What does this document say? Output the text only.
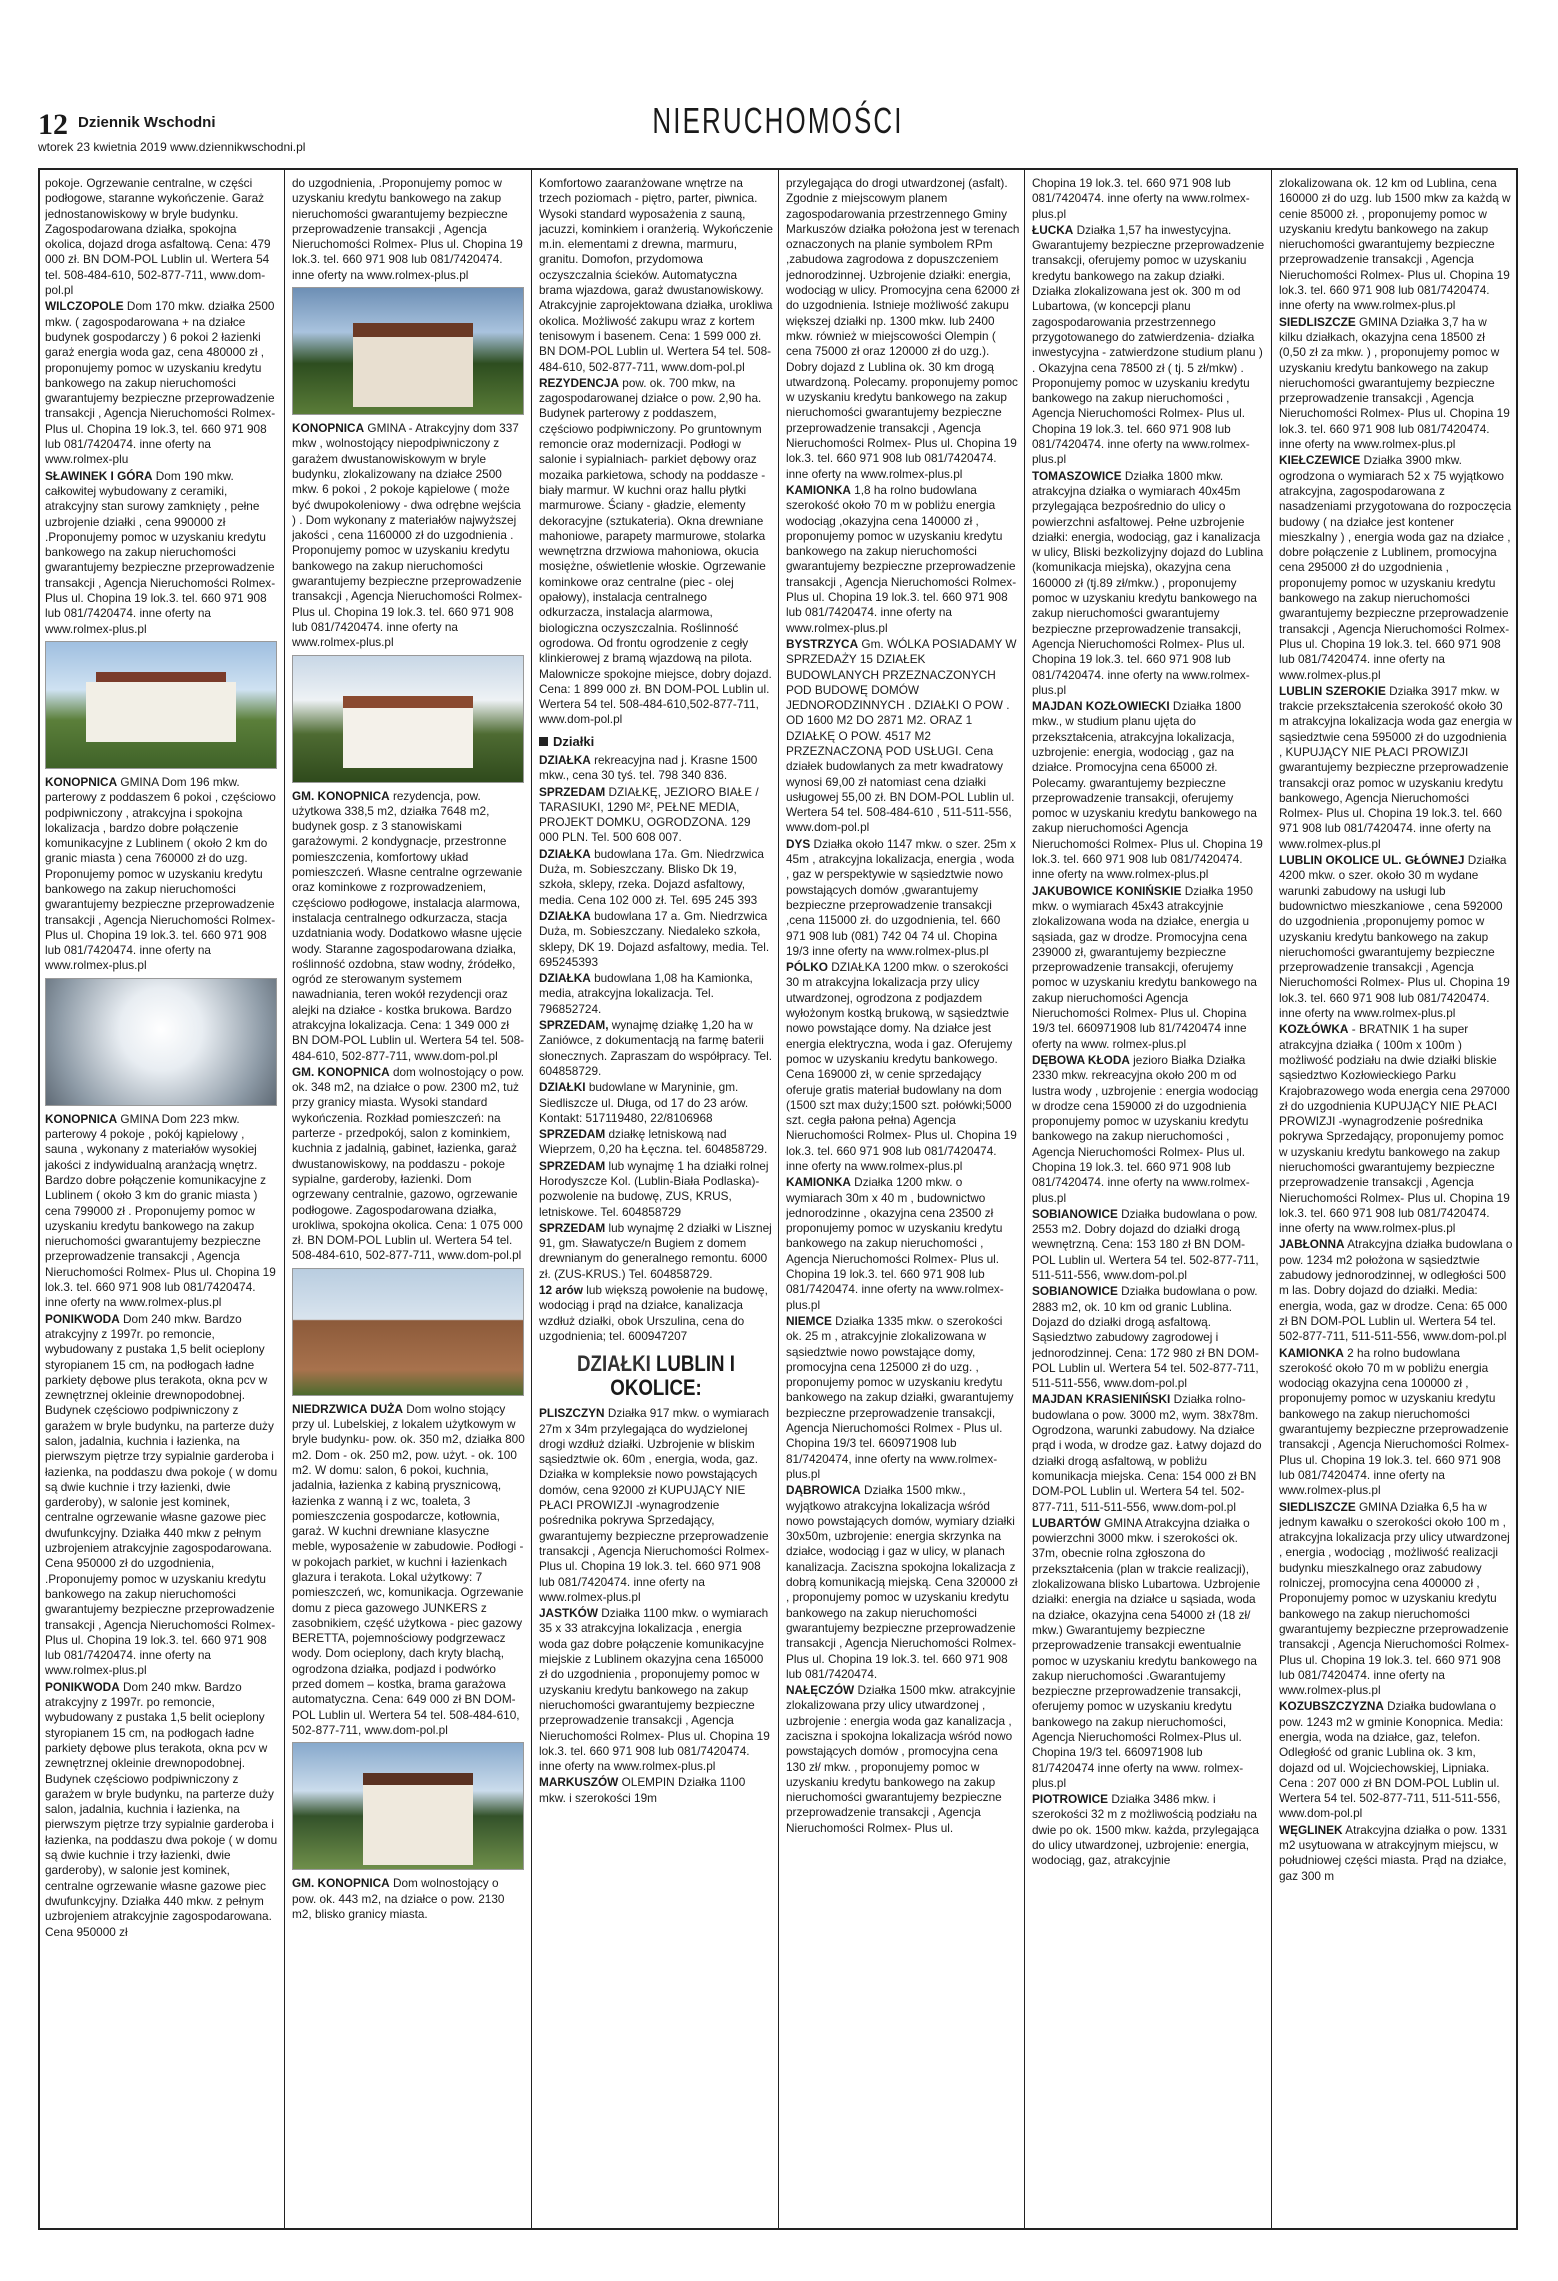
NIERUCHOMOŚCI
12 Dziennik Wschodni
wtorek 23 kwietnia 2019 www.dziennikwschodni.pl

pokoje. Ogrzewanie centralne, w części podłogowe, staranne wykończenie. Garaż jednostanowiskowy w bryle budynku. Zagospodarowana działka, spokojna okolica, dojazd droga asfaltową. Cena: 479 000 zł. BN DOM-POL Lublin ul. Wertera 54 tel. 508-484-610, 502-877-711, www.dom-pol.pl

WILCZOPOLE Dom 170 mkw. działka 2500 mkw. ( zagospodarowana + na działce budynek gospodarczy ) 6 pokoi 2 łazienki garaż energia woda gaz, cena 480000 zł , proponujemy pomoc w uzyskaniu kredytu bankowego na zakup nieruchomości gwarantujemy bezpieczne przeprowadzenie transakcji , Agencja Nieruchomości Rolmex- Plus ul. Chopina 19 lok.3, tel. 660 971 908 lub 081/7420474. inne oferty na www.rolmex-plu

SŁAWINEK I GÓRA Dom 190 mkw. całkowitej wybudowany z ceramiki, atrakcyjny stan surowy zamknięty , pełne uzbrojenie działki , cena 990000 zł .Proponujemy pomoc w uzyskaniu kredytu bankowego na zakup nieruchomości gwarantujemy bezpieczne przeprowadzenie transakcji , Agencja Nieruchomości Rolmex- Plus ul. Chopina 19 lok.3. tel. 660 971 908 lub 081/7420474. inne oferty na www.rolmex-plus.pl

KONOPNICA GMINA Dom 196 mkw. parterowy z poddaszem 6 pokoi , częściowo podpiwniczony , atrakcyjna i spokojna lokalizacja , bardzo dobre połączenie komunikacyjne z Lublinem ( około 2 km do granic miasta ) cena 760000 zł do uzg. Proponujemy pomoc w uzyskaniu kredytu bankowego na zakup nieruchomości gwarantujemy bezpieczne przeprowadzenie transakcji , Agencja Nieruchomości Rolmex- Plus ul. Chopina 19 lok.3. tel. 660 971 908 lub 081/7420474. inne oferty na www.rolmex-plus.pl

KONOPNICA GMINA Dom 223 mkw. parterowy 4 pokoje , pokój kąpielowy , sauna , wykonany z materiałów wysokiej jakości z indywidualną aranżacją wnętrz. Bardzo dobre połączenie komunikacyjne z Lublinem ( około 3 km do granic miasta ) cena 799000 zł . Proponujemy pomoc w uzyskaniu kredytu bankowego na zakup nieruchomości gwarantujemy bezpieczne przeprowadzenie transakcji , Agencja Nieruchomości Rolmex- Plus ul. Chopina 19 lok.3. tel. 660 971 908 lub 081/7420474. inne oferty na www.rolmex-plus.pl

PONIKWODA Dom 240 mkw. Bardzo atrakcyjny z 1997r. po remoncie, wybudowany z pustaka 1,5 belit ocieplony styropianem 15 cm, na podłogach ładne parkiety dębowe plus terakota, okna pcv w zewnętrznej okleinie drewnopodobnej. Budynek częściowo podpiwniczony z garażem w bryle budynku, na parterze duży salon, jadalnia, kuchnia i łazienka, na pierwszym piętrze trzy sypialnie garderoba i łazienka, na poddaszu dwa pokoje ( w domu są dwie kuchnie i trzy łazienki, dwie garderoby), w salonie jest kominek, centralne ogrzewanie własne gazowe piec dwufunkcyjny. Działka 440 mkw z pełnym uzbrojeniem atrakcyjnie zagospodarowana. Cena 950000 zł do uzgodnienia, .Proponujemy pomoc w uzyskaniu kredytu bankowego na zakup nieruchomości gwarantujemy bezpieczne przeprowadzenie transakcji , Agencja Nieruchomości Rolmex- Plus ul. Chopina 19 lok.3. tel. 660 971 908 lub 081/7420474. inne oferty na www.rolmex-plus.pl

PONIKWODA Dom 240 mkw. Bardzo atrakcyjny z 1997r. po remoncie, wybudowany z pustaka 1,5 belit ocieplony styropianem 15 cm, na podłogach ładne parkiety dębowe plus terakota, okna pcv w zewnętrznej okleinie drewnopodobnej. Budynek częściowo podpiwniczony z garażem w bryle budynku, na parterze duży salon, jadalnia, kuchnia i łazienka, na pierwszym piętrze trzy sypialnie garderoba i łazienka, na poddaszu dwa pokoje ( w domu są dwie kuchnie i trzy łazienki, dwie garderoby), w salonie jest kominek, centralne ogrzewanie własne gazowe piec dwufunkcyjny. Działka 440 mkw. z pełnym uzbrojeniem atrakcyjnie zagospodarowana. Cena 950000 zł

do uzgodnienia, .Proponujemy pomoc w uzyskaniu kredytu bankowego na zakup nieruchomości gwarantujemy bezpieczne przeprowadzenie transakcji , Agencja Nieruchomości Rolmex- Plus ul. Chopina 19 lok.3. tel. 660 971 908 lub 081/7420474. inne oferty na www.rolmex-plus.pl

KONOPNICA GMINA - Atrakcyjny dom 337 mkw , wolnostojący niepodpiwniczony z garażem dwustanowiskowym w bryle budynku, zlokalizowany na działce 2500 mkw. 6 pokoi , 2 pokoje kąpielowe ( może być dwupokoleniowy - dwa odrębne wejścia ) . Dom wykonany z materiałów najwyższej jakości , cena 1160000 zł do uzgodnienia . Proponujemy pomoc w uzyskaniu kredytu bankowego na zakup nieruchomości gwarantujemy bezpieczne przeprowadzenie transakcji , Agencja Nieruchomości Rolmex- Plus ul. Chopina 19 lok.3. tel. 660 971 908 lub 081/7420474. inne oferty na www.rolmex-plus.pl

GM. KONOPNICA rezydencja, pow. użytkowa 338,5 m2, działka 7648 m2, budynek gosp. z 3 stanowiskami garażowymi. 2 kondygnacje, przestronne pomieszczenia, komfortowy układ pomieszczeń. Własne centralne ogrzewanie oraz kominkowe z rozprowadzeniem, częściowo podłogowe, instalacja alarmowa, instalacja centralnego odkurzacza, stacja uzdatniania wody. Dodatkowo własne ujęcie wody. Staranne zagospodarowana działka, roślinność ozdobna, staw wodny, źródełko, ogród ze sterowanym systemem nawadniania, teren wokół rezydencji oraz alejki na działce - kostka brukowa. Bardzo atrakcyjna lokalizacja. Cena: 1 349 000 zł BN DOM-POL Lublin ul. Wertera 54 tel. 508-484-610, 502-877-711, www.dom-pol.pl

GM. KONOPNICA dom wolnostojący o pow. ok. 348 m2, na działce o pow. 2300 m2, tuż przy granicy miasta. Wysoki standard wykończenia. Rozkład pomieszczeń: na parterze - przedpokój, salon z kominkiem, kuchnia z jadalnią, gabinet, łazienka, garaż dwustanowiskowy, na poddaszu - pokoje sypialne, garderoby, łazienki. Dom ogrzewany centralnie, gazowo, ogrzewanie podłogowe. Zagospodarowana działka, urokliwa, spokojna okolica. Cena: 1 075 000 zł. BN DOM-POL Lublin ul. Wertera 54 tel. 508-484-610, 502-877-711, www.dom-pol.pl

NIEDRZWICA DUŻA Dom wolno stojący przy ul. Lubelskiej, z lokalem użytkowym w bryle budynku- pow. ok. 350 m2, działka 800 m2. Dom - ok. 250 m2, pow. użyt. - ok. 100 m2. W domu: salon, 6 pokoi, kuchnia, jadalnia, łazienka z kabiną prysznicową, łazienka z wanną i z wc, toaleta, 3 pomieszczenia gospodarcze, kotłownia, garaż. W kuchni drewniane klasyczne meble, wyposażenie w zabudowie. Podłogi - w pokojach parkiet, w kuchni i łazienkach glazura i terakota. Lokal użytkowy: 7 pomieszczeń, wc, komunikacja. Ogrzewanie domu z pieca gazowego JUNKERS z zasobnikiem, część użytkowa - piec gazowy BERETTA, pojemnościowy podgrzewacz wody. Dom ocieplony, dach kryty blachą, ogrodzona działka, podjazd i podwórko przed domem – kostka, brama garażowa automatyczna. Cena: 649 000 zł BN DOM-POL Lublin ul. Wertera 54 tel. 508-484-610, 502-877-711, www.dom-pol.pl

GM. KONOPNICA Dom wolnostojący o pow. ok. 443 m2, na działce o pow. 2130 m2, blisko granicy miasta.

Komfortowo zaaranżowane wnętrze na trzech poziomach - piętro, parter, piwnica. Wysoki standard wyposażenia z sauną, jacuzzi, kominkiem i oranżerią. Wykończenie m.in. elementami z drewna, marmuru, granitu. Domofon, przydomowa oczyszczalnia ścieków. Automatyczna brama wjazdowa, garaż dwustanowiskowy. Atrakcyjnie zaprojektowana działka, urokliwa okolica. Możliwość zakupu wraz z kortem tenisowym i basenem. Cena: 1 599 000 zł. BN DOM-POL Lublin ul. Wertera 54 tel. 508-484-610, 502-877-711, www.dom-pol.pl

REZYDENCJA pow. ok. 700 mkw, na zagospodarowanej działce o pow. 2,90 ha. Budynek parterowy z poddaszem, częściowo podpiwniczony. Po gruntownym remoncie oraz modernizacji. Podłogi w salonie i sypialniach- parkiet dębowy oraz mozaika parkietowa, schody na poddasze - biały marmur. W kuchni oraz hallu płytki marmurowe. Ściany - gładzie, elementy dekoracyjne (sztukateria). Okna drewniane mahoniowe, parapety marmurowe, stolarka wewnętrzna drzwiowa mahoniowa, okucia mosiężne, oświetlenie włoskie. Ogrzewanie kominkowe oraz centralne (piec - olej opałowy), instalacja centralnego odkurzacza, instalacja alarmowa, biologiczna oczyszczalnia. Roślinność ogrodowa. Od frontu ogrodzenie z cegły klinkierowej z bramą wjazdową na pilota. Malownicze spokojne miejsce, dobry dojazd. Cena: 1 899 000 zł. BN DOM-POL Lublin ul. Wertera 54 tel. 508-484-610,502-877-711, www.dom-pol.pl

Działki

DZIAŁKA rekreacyjna nad j. Krasne 1500 mkw., cena 30 tyś. tel. 798 340 836.

SPRZEDAM DZIAŁKĘ, JEZIORO BIAŁE / TARASIUKI, 1290 M², PEŁNE MEDIA, PROJEKT DOMKU, OGRODZONA. 129 000 PLN. Tel. 500 608 007.

DZIAŁKA budowlana 17a. Gm. Niedrzwica Duża, m. Sobieszczany. Blisko Dk 19, szkoła, sklepy, rzeka. Dojazd asfaltowy, media. Cena 102 000 zł. Tel. 695 245 393

DZIAŁKA budowlana 17 a. Gm. Niedrzwica Duża, m. Sobieszczany. Niedaleko szkoła, sklepy, DK 19. Dojazd asfaltowy, media. Tel. 695245393

DZIAŁKA budowlana 1,08 ha Kamionka, media, atrakcyjna lokalizacja. Tel. 796852724.

SPRZEDAM, wynajmę działkę 1,20 ha w Zaniówce, z dokumentacją na farmę baterii słonecznych. Zapraszam do współpracy. Tel. 604858729.

DZIAŁKI budowlane w Maryninie, gm. Siedliszcze ul. Długa, od 17 do 23 arów. Kontakt: 517119480, 22/8106968

SPRZEDAM działkę letniskową nad Wieprzem, 0,20 ha Łęczna. tel. 604858729.

SPRZEDAM lub wynajmę 1 ha działki rolnej Horodyszcze Kol. (Lublin-Biała Podlaska)-pozwolenie na budowę, ZUS, KRUS, letniskowe. Tel. 604858729

SPRZEDAM lub wynajmę 2 działki w Lisznej 91, gm. Sławatycze/n Bugiem z domem drewnianym do generalnego remontu. 6000 zł. (ZUS-KRUS.) Tel. 604858729.

12 arów lub większą powołenie na budowę, wodociąg i prąd na działce, kanalizacja wzdłuż działki, obok Urszulina, cena do uzgodnienia; tel. 600947207

DZIAŁKI LUBLIN I OKOLICE:

PLISZCZYN Działka 917 mkw. o wymiarach 27m x 34m przylegająca do wydzielonej drogi wzdłuż działki. Uzbrojenie w bliskim sąsiedztwie ok. 60m , energia, woda, gaz. Działka w kompleksie nowo powstających domów, cena 92000 zł KUPUJĄCY NIE PŁACI PROWIZJI -wynagrodzenie pośrednika pokrywa Sprzedający, gwarantujemy bezpieczne przeprowadzenie transakcji , Agencja Nieruchomości Rolmex- Plus ul. Chopina 19 lok.3. tel. 660 971 908 lub 081/7420474. inne oferty na www.rolmex-plus.pl

JASTKÓW Działka 1100 mkw. o wymiarach 35 x 33 atrakcyjna lokalizacja , energia woda gaz dobre połączenie komunikacyjne miejskie z Lublinem okazyjna cena 165000 zł do uzgodnienia , proponujemy pomoc w uzyskaniu kredytu bankowego na zakup nieruchomości gwarantujemy bezpieczne przeprowadzenie transakcji , Agencja Nieruchomości Rolmex- Plus ul. Chopina 19 lok.3. tel. 660 971 908 lub 081/7420474. inne oferty na www.rolmex-plus.pl

MARKUSZÓW OLEMPIN Działka 1100 mkw. i szerokości 19m

przylegająca do drogi utwardzonej (asfalt). Zgodnie z miejscowym planem zagospodarowania przestrzennego Gminy Markuszów działka położona jest w terenach oznaczonych na planie symbolem RPm ,zabudowa zagrodowa z dopuszczeniem jednorodzinnej. Uzbrojenie działki: energia, wodociąg w ulicy. Promocyjna cena 62000 zł do uzgodnienia. Istnieje możliwość zakupu większej działki np. 1300 mkw. lub 2400 mkw. również w miejscowości Olempin ( cena 75000 zł oraz 120000 zł do uzg.). Dobry dojazd z Lublina ok. 30 km drogą utwardzoną. Polecamy. proponujemy pomoc w uzyskaniu kredytu bankowego na zakup nieruchomości gwarantujemy bezpieczne przeprowadzenie transakcji , Agencja Nieruchomości Rolmex- Plus ul. Chopina 19 lok.3. tel. 660 971 908 lub 081/7420474. inne oferty na www.rolmex-plus.pl

KAMIONKA 1,8 ha rolno budowlana szerokość około 70 m w pobliżu energia wodociąg ,okazyjna cena 140000 zł , proponujemy pomoc w uzyskaniu kredytu bankowego na zakup nieruchomości gwarantujemy bezpieczne przeprowadzenie transakcji , Agencja Nieruchomości Rolmex- Plus ul. Chopina 19 lok.3. tel. 660 971 908 lub 081/7420474. inne oferty na www.rolmex-plus.pl

BYSTRZYCA Gm. WÓLKA POSIADAMY W SPRZEDAŻY 15 DZIAŁEK BUDOWLANYCH PRZEZNACZONYCH POD BUDOWĘ DOMÓW JEDNORODZINNYCH . DZIAŁKI O POW . OD 1600 M2 DO 2871 M2. ORAZ 1 DZIAŁKĘ O POW. 4517 M2 PRZEZNACZONĄ POD USŁUGI. Cena działek budowlanych za metr kwadratowy wynosi 69,00 zł natomiast cena działki usługowej 55,00 zł. BN DOM-POL Lublin ul. Wertera 54 tel. 508-484-610 , 511-511-556, www.dom-pol.pl

DYS Działka około 1147 mkw. o szer. 25m x 45m , atrakcyjna lokalizacja, energia , woda , gaz w perspektywie w sąsiedztwie nowo powstających domów ,gwarantujemy bezpieczne przeprowadzenie transakcji ,cena 115000 zł. do uzgodnienia, tel. 660 971 908 lub (081) 742 04 74 ul. Chopina 19/3 inne oferty na www.rolmex-plus.pl

PÓLKO DZIAŁKA 1200 mkw. o szerokości 30 m atrakcyjna lokalizacja przy ulicy utwardzonej, ogrodzona z podjazdem wyłożonym kostką brukową, w sąsiedztwie nowo powstające domy. Na działce jest energia elektryczna, woda i gaz. Oferujemy pomoc w uzyskaniu kredytu bankowego. Cena 169000 zł, w cenie sprzedający oferuje gratis materiał budowlany na dom (1500 szt max duży;1500 szt. połówki;5000 szt. cegła pałona pełna) Agencja Nieruchomości Rolmex- Plus ul. Chopina 19 lok.3. tel. 660 971 908 lub 081/7420474. inne oferty na www.rolmex-plus.pl

KAMIONKA Działka 1200 mkw. o wymiarach 30m x 40 m , budownictwo jednorodzinne , okazyjna cena 23500 zł proponujemy pomoc w uzyskaniu kredytu bankowego na zakup nieruchomości , Agencja Nieruchomości Rolmex- Plus ul. Chopina 19 lok.3. tel. 660 971 908 lub 081/7420474. inne oferty na www.rolmex-plus.pl

NIEMCE Działka 1335 mkw. o szerokości ok. 25 m , atrakcyjnie zlokalizowana w sąsiedztwie nowo powstające domy, promocyjna cena 125000 zł do uzg. , proponujemy pomoc w uzyskaniu kredytu bankowego na zakup działki, gwarantujemy bezpieczne przeprowadzenie transakcji, Agencja Nieruchomości Rolmex - Plus ul. Chopina 19/3 tel. 660971908 lub 81/7420474, inne oferty na www.rolmex-plus.pl

DĄBROWICA Działka 1500 mkw., wyjątkowo atrakcyjna lokalizacja wśród nowo powstających domów, wymiary działki 30x50m, uzbrojenie: energia skrzynka na działce, wodociąg i gaz w ulicy, w planach kanalizacja. Zaciszna spokojna lokalizacja z dobrą komunikacją miejską. Cena 320000 zł , proponujemy pomoc w uzyskaniu kredytu bankowego na zakup nieruchomości gwarantujemy bezpieczne przeprowadzenie transakcji , Agencja Nieruchomości Rolmex- Plus ul. Chopina 19 lok.3. tel. 660 971 908 lub 081/7420474.

NAŁĘCZÓW Działka 1500 mkw. atrakcyjnie zlokalizowana przy ulicy utwardzonej , uzbrojenie : energia woda gaz kanalizacja , zaciszna i spokojna lokalizacja wśród nowo powstających domów , promocyjna cena 130 zł/ mkw. , proponujemy pomoc w uzyskaniu kredytu bankowego na zakup nieruchomości gwarantujemy bezpieczne przeprowadzenie transakcji , Agencja Nieruchomości Rolmex- Plus ul.

Chopina 19 lok.3. tel. 660 971 908 lub 081/7420474. inne oferty na www.rolmex-plus.pl

ŁUCKA Działka 1,57 ha inwestycyjna. Gwarantujemy bezpieczne przeprowadzenie transakcji, oferujemy pomoc w uzyskaniu kredytu bankowego na zakup działki. Działka zlokalizowana jest ok. 300 m od Lubartowa, (w koncepcji planu zagospodarowania przestrzennego przygotowanego do zatwierdzenia- działka inwestycyjna - zatwierdzone studium planu ) . Okazyjna cena 78500 zł ( tj. 5 zł/mkw) . Proponujemy pomoc w uzyskaniu kredytu bankowego na zakup nieruchomości , Agencja Nieruchomości Rolmex- Plus ul. Chopina 19 lok.3. tel. 660 971 908 lub 081/7420474. inne oferty na www.rolmex-plus.pl

TOMASZOWICE Działka 1800 mkw. atrakcyjna działka o wymiarach 40x45m przylegająca bezpośrednio do ulicy o powierzchni asfaltowej. Pełne uzbrojenie działki: energia, wodociąg, gaz i kanalizacja w ulicy, Bliski bezkolizyjny dojazd do Lublina (komunikacja miejska), okazyjna cena 160000 zł (tj.89 zł/mkw.) , proponujemy pomoc w uzyskaniu kredytu bankowego na zakup nieruchomości gwarantujemy bezpieczne przeprowadzenie transakcji, Agencja Nieruchomości Rolmex- Plus ul. Chopina 19 lok.3. tel. 660 971 908 lub 081/7420474. inne oferty na www.rolmex-plus.pl

MAJDAN KOZŁOWIECKI Działka 1800 mkw., w studium planu ujęta do przekształcenia, atrakcyjna lokalizacja, uzbrojenie: energia, wodociąg , gaz na działce. Promocyjna cena 65000 zł. Polecamy. gwarantujemy bezpieczne przeprowadzenie transakcji, oferujemy pomoc w uzyskaniu kredytu bankowego na zakup nieruchomości Agencja Nieruchomości Rolmex- Plus ul. Chopina 19 lok.3. tel. 660 971 908 lub 081/7420474. inne oferty na www.rolmex-plus.pl

JAKUBOWICE KONIŃSKIE Działka 1950 mkw. o wymiarach 45x43 atrakcyjnie zlokalizowana woda na działce, energia u sąsiada, gaz w drodze. Promocyjna cena 239000 zł, gwarantujemy bezpieczne przeprowadzenie transakcji, oferujemy pomoc w uzyskaniu kredytu bankowego na zakup nieruchomości Agencja Nieruchomości Rolmex- Plus ul. Chopina 19/3 tel. 660971908 lub 81/7420474 inne oferty na www. rolmex-plus.pl

DĘBOWA KŁODA jezioro Białka Działka 2330 mkw. rekreacyjna około 200 m od lustra wody , uzbrojenie : energia wodociąg w drodze cena 159000 zł do uzgodnienia proponujemy pomoc w uzyskaniu kredytu bankowego na zakup nieruchomości , Agencja Nieruchomości Rolmex- Plus ul. Chopina 19 lok.3. tel. 660 971 908 lub 081/7420474. inne oferty na www.rolmex-plus.pl

SOBIANOWICE Działka budowlana o pow. 2553 m2. Dobry dojazd do działki drogą wewnętrzną. Cena: 153 180 zł BN DOM-POL Lublin ul. Wertera 54 tel. 502-877-711, 511-511-556, www.dom-pol.pl

SOBIANOWICE Działka budowlana o pow. 2883 m2, ok. 10 km od granic Lublina. Dojazd do działki drogą asfaltową. Sąsiedztwo zabudowy zagrodowej i jednorodzinnej. Cena: 172 980 zł BN DOM-POL Lublin ul. Wertera 54 tel. 502-877-711, 511-511-556, www.dom-pol.pl

MAJDAN KRASIENIŃSKI Działka rolno-budowlana o pow. 3000 m2, wym. 38x78m. Ogrodzona, warunki zabudowy. Na działce prąd i woda, w drodze gaz. Łatwy dojazd do działki drogą asfaltową, w pobliżu komunikacja miejska. Cena: 154 000 zł BN DOM-POL Lublin ul. Wertera 54 tel. 502-877-711, 511-511-556, www.dom-pol.pl

LUBARTÓW GMINA Atrakcyjna działka o powierzchni 3000 mkw. i szerokości ok. 37m, obecnie rolna zgłoszona do przekształcenia (plan w trakcie realizacji), zlokalizowana blisko Lubartowa. Uzbrojenie działki: energia na działce u sąsiada, woda na działce, okazyjna cena 54000 zł (18 zł/ mkw.) Gwarantujemy bezpieczne przeprowadzenie transakcji ewentualnie pomoc w uzyskaniu kredytu bankowego na zakup nieruchomości .Gwarantujemy bezpieczne przeprowadzenie transakcji, oferujemy pomoc w uzyskaniu kredytu bankowego na zakup nieruchomości, Agencja Nieruchomości Rolmex-Plus ul. Chopina 19/3 tel. 660971908 lub 81/7420474 inne oferty na www. rolmex-plus.pl

PIOTROWICE Działka 3486 mkw. i szerokości 32 m z możliwością podziału na dwie po ok. 1500 mkw. każda, przylegająca do ulicy utwardzonej, uzbrojenie: energia, wodociąg, gaz, atrakcyjnie

zlokalizowana ok. 12 km od Lublina, cena 160000 zł do uzg. lub 1500 mkw za każdą w cenie 85000 zł. , proponujemy pomoc w uzyskaniu kredytu bankowego na zakup nieruchomości gwarantujemy bezpieczne przeprowadzenie transakcji , Agencja Nieruchomości Rolmex- Plus ul. Chopina 19 lok.3. tel. 660 971 908 lub 081/7420474. inne oferty na www.rolmex-plus.pl

SIEDLISZCZE GMINA Działka 3,7 ha w kilku działkach, okazyjna cena 18500 zł (0,50 zł za mkw. ) , proponujemy pomoc w uzyskaniu kredytu bankowego na zakup nieruchomości gwarantujemy bezpieczne przeprowadzenie transakcji , Agencja Nieruchomości Rolmex- Plus ul. Chopina 19 lok.3. tel. 660 971 908 lub 081/7420474. inne oferty na www.rolmex-plus.pl

KIEŁCZEWICE Działka 3900 mkw. ogrodzona o wymiarach 52 x 75 wyjątkowo atrakcyjna, zagospodarowana z nasadzeniami przygotowana do rozpoczęcia budowy ( na działce jest kontener mieszkalny ) , energia woda gaz na działce , dobre połączenie z Lublinem, promocyjna cena 295000 zł do uzgodnienia , proponujemy pomoc w uzyskaniu kredytu bankowego na zakup nieruchomości gwarantujemy bezpieczne przeprowadzenie transakcji , Agencja Nieruchomości Rolmex- Plus ul. Chopina 19 lok.3. tel. 660 971 908 lub 081/7420474. inne oferty na www.rolmex-plus.pl

LUBLIN SZEROKIE Działka 3917 mkw. w trakcie przekształcenia szerokość około 30 m atrakcyjna lokalizacja woda gaz energia w sąsiedztwie cena 595000 zł do uzgodnienia , KUPUJĄCY NIE PŁACI PROWIZJI gwarantujemy bezpieczne przeprowadzenie transakcji oraz pomoc w uzyskaniu kredytu bankowego, Agencja Nieruchomości Rolmex- Plus ul. Chopina 19 lok.3. tel. 660 971 908 lub 081/7420474. inne oferty na www.rolmex-plus.pl

LUBLIN OKOLICE UL. GŁÓWNEJ Działka 4200 mkw. o szer. około 30 m wydane warunki zabudowy na usługi lub budownictwo mieszkaniowe , cena 592000 do uzgodnienia ,proponujemy pomoc w uzyskaniu kredytu bankowego na zakup nieruchomości gwarantujemy bezpieczne przeprowadzenie transakcji , Agencja Nieruchomości Rolmex- Plus ul. Chopina 19 lok.3. tel. 660 971 908 lub 081/7420474. inne oferty na www.rolmex-plus.pl

KOZŁÓWKA - BRATNIK 1 ha super atrakcyjna działka ( 100m x 100m ) możliwość podziału na dwie działki bliskie sąsiedztwo Kozłowieckiego Parku Krajobrazowego woda energia cena 297000 zł do uzgodnienia KUPUJĄCY NIE PŁACI PROWIZJI -wynagrodzenie pośrednika pokrywa Sprzedający, proponujemy pomoc w uzyskaniu kredytu bankowego na zakup nieruchomości gwarantujemy bezpieczne przeprowadzenie transakcji , Agencja Nieruchomości Rolmex- Plus ul. Chopina 19 lok.3. tel. 660 971 908 lub 081/7420474. inne oferty na www.rolmex-plus.pl

JABŁONNA Atrakcyjna działka budowlana o pow. 1234 m2 położona w sąsiedztwie zabudowy jednorodzinnej, w odległości 500 m las. Dobry dojazd do działki. Media: energia, woda, gaz w drodze. Cena: 65 000 zł BN DOM-POL Lublin ul. Wertera 54 tel. 502-877-711, 511-511-556, www.dom-pol.pl

KAMIONKA 2 ha rolno budowlana szerokość około 70 m w pobliżu energia wodociąg okazyjna cena 100000 zł , proponujemy pomoc w uzyskaniu kredytu bankowego na zakup nieruchomości gwarantujemy bezpieczne przeprowadzenie transakcji , Agencja Nieruchomości Rolmex- Plus ul. Chopina 19 lok.3. tel. 660 971 908 lub 081/7420474. inne oferty na www.rolmex-plus.pl

SIEDLISZCZE GMINA Działka 6,5 ha w jednym kawałku o szerokości około 100 m , atrakcyjna lokalizacja przy ulicy utwardzonej , energia , wodociąg , możliwość realizacji budynku mieszkalnego oraz zabudowy rolniczej, promocyjna cena 400000 zł , Proponujemy pomoc w uzyskaniu kredytu bankowego na zakup nieruchomości gwarantujemy bezpieczne przeprowadzenie transakcji , Agencja Nieruchomości Rolmex- Plus ul. Chopina 19 lok.3. tel. 660 971 908 lub 081/7420474. inne oferty na www.rolmex-plus.pl

KOZUBSZCZYZNA Działka budowlana o pow. 1243 m2 w gminie Konopnica. Media: energia, woda na działce, gaz, telefon. Odległość od granic Lublina ok. 3 km, dojazd od ul. Wojciechowskiej, Lipniaka. Cena : 207 000 zł BN DOM-POL Lublin ul. Wertera 54 tel. 502-877-711, 511-511-556, www.dom-pol.pl

WĘGLINEK Atrakcyjna działka o pow. 1331 m2 usytuowana w atrakcyjnym miejscu, w południowej części miasta. Prąd na działce, gaz 300 m
